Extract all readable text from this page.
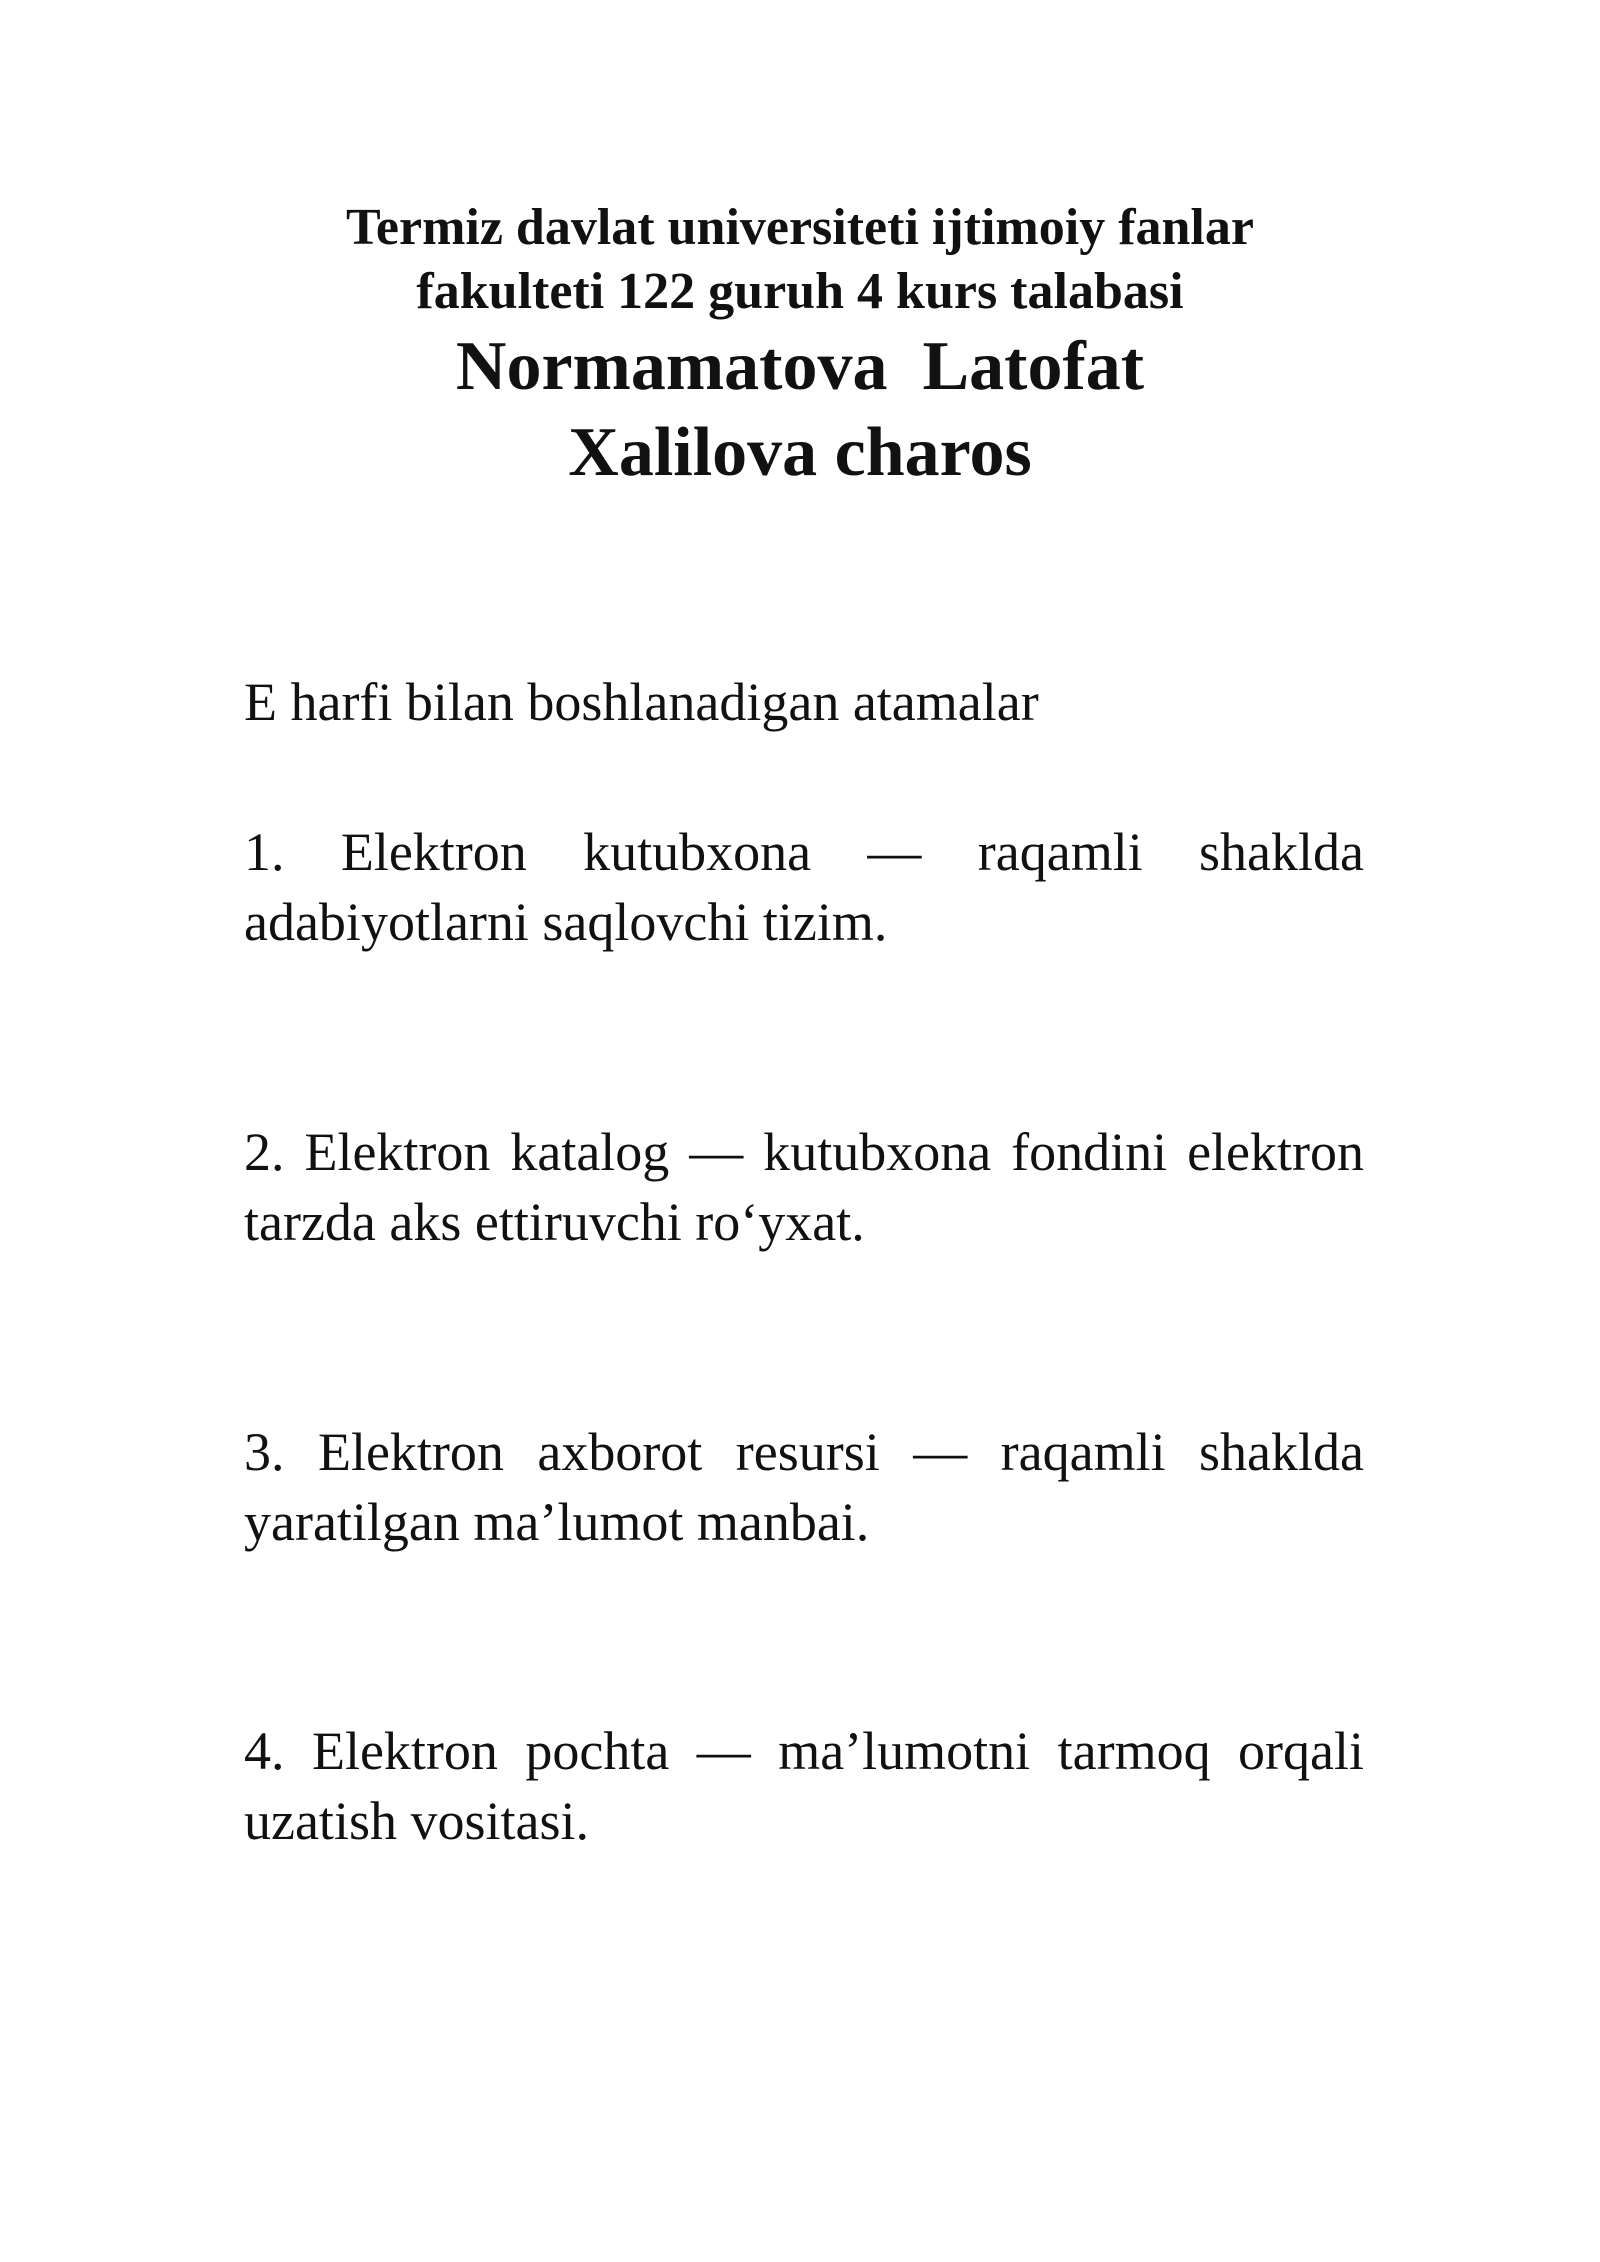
Termiz davlat universiteti ijtimoiy fanlar
fakulteti 122 guruh 4 kurs talabasi
Normamatova  Latofat
Xalilova charos
E harfi bilan boshlanadigan atamalar

1. Elektron kutubxona — raqamli shaklda adabiyotlarni saqlovchi tizim.

2. Elektron katalog — kutubxona fondini elektron tarzda aks ettiruvchi ro‘yxat.

3. Elektron axborot resursi — raqamli shaklda yaratilgan ma’lumot manbai.

4. Elektron pochta — ma’lumotni tarmoq orqali uzatish vositasi.
